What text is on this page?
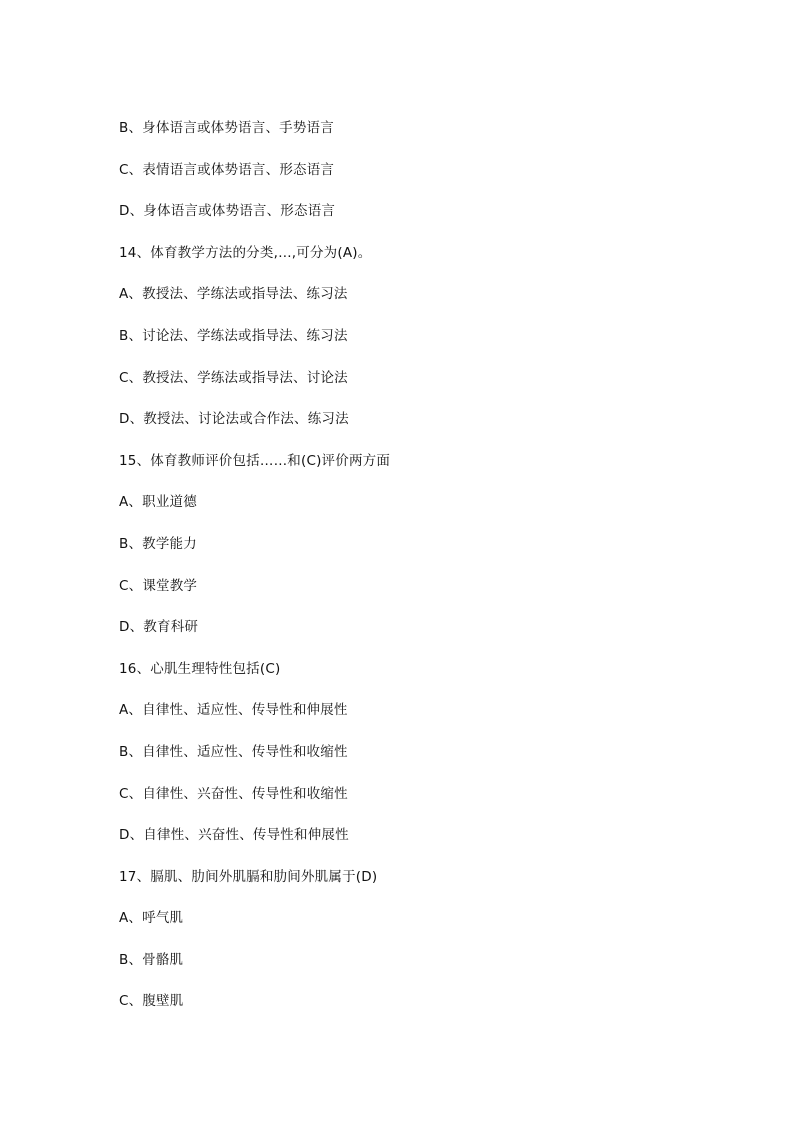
B、身体语言或体势语言、手势语言
C、表情语言或体势语言、形态语言
D、身体语言或体势语言、形态语言
14、体育教学方法的分类,…,可分为(A)。
A、教授法、学练法或指导法、练习法
B、讨论法、学练法或指导法、练习法
C、教授法、学练法或指导法、讨论法
D、教授法、讨论法或合作法、练习法
15、体育教师评价包括……和(C)评价两方面
A、职业道德
B、教学能力
C、课堂教学
D、教育科研
16、心肌生理特性包括(C)
A、自律性、适应性、传导性和伸展性
B、自律性、适应性、传导性和收缩性
C、自律性、兴奋性、传导性和收缩性
D、自律性、兴奋性、传导性和伸展性
17、膈肌、肋间外肌膈和肋间外肌属于(D)
A、呼气肌
B、骨骼肌
C、腹壁肌
